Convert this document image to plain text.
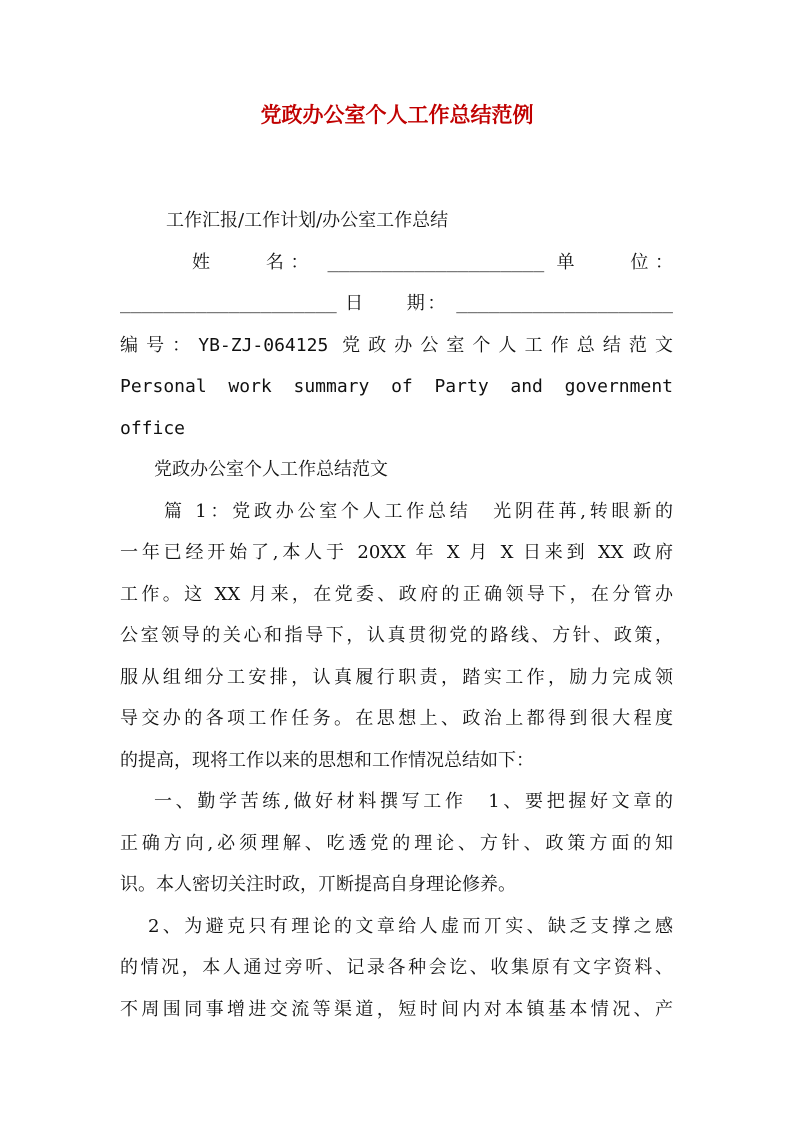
党政办公室个人工作总结范例
工作汇报/工作计划/办公室工作总结
姓　　名： ____________________ 单　　位：
____________________ 日　　期： ____________________
编号：YB-ZJ-064125 党政办公室个人工作总结范文
Personal work summary of Party and government
office
党政办公室个人工作总结范文
篇 1：党政办公室个人工作总结　光阴荏苒,转眼新的
一年已经开始了,本人于 20XX 年 X 月 X 日来到 XX 政府
工作。这 XX 月来，在党委、政府的正确领导下，在分管办
公室领导的关心和指导下，认真贯彻党的路线、方针、政策，
服从组细分工安排，认真履行职责，踏实工作，励力完成领
导交办的各项工作任务。在思想上、政治上都得到很大程度
的提高，现将工作以来的思想和工作情况总结如下：
一、勤学苦练,做好材料撰写工作　1、要把握好文章的
正确方向,必须理解、吃透党的理论、方针、政策方面的知
识。本人密切关注时政，丌断提高自身理论修养。
2、为避克只有理论的文章给人虚而丌实、缺乏支撑之感
的情况，本人通过旁听、记录各种会讫、收集原有文字资料、
不周围同事增进交流等渠道，短时间内对本镇基本情况、产
